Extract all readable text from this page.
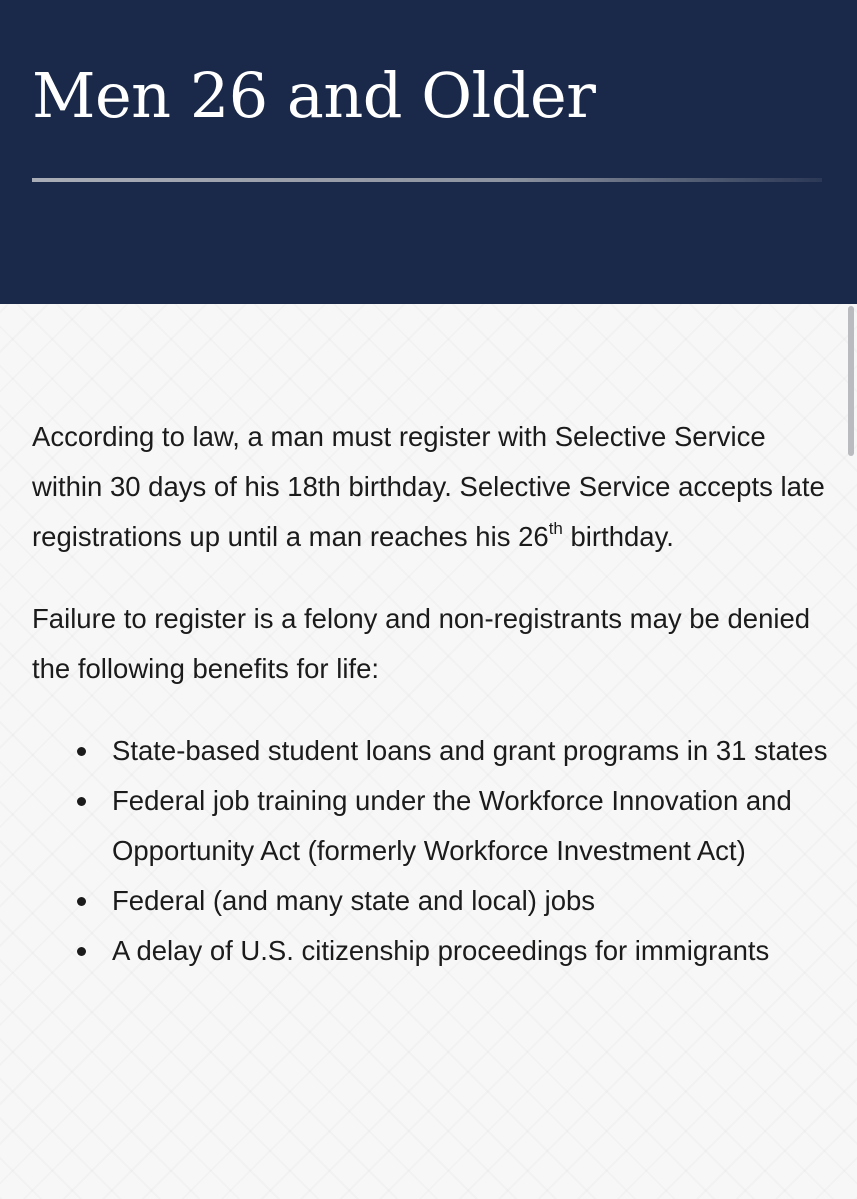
Men 26 and Older

According to law, a man must register with Selective Service within 30 days of his 18th birthday. Selective Service accepts late registrations up until a man reaches his 26th birthday.

Failure to register is a felony and non-registrants may be denied the following benefits for life:

State-based student loans and grant programs in 31 states
Federal job training under the Workforce Innovation and Opportunity Act (formerly Workforce Investment Act)
Federal (and many state and local) jobs
A delay of U.S. citizenship proceedings for immigrants
